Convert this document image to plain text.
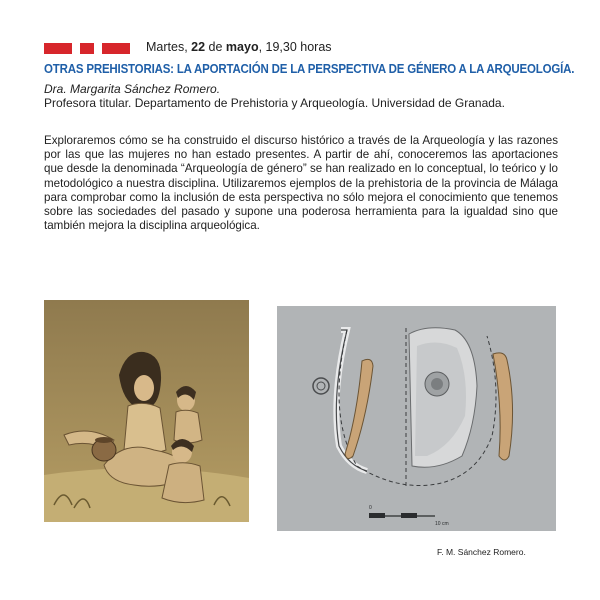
Martes, 22 de mayo, 19,30 horas
OTRAS PREHISTORIAS: LA APORTACIÓN DE LA PERSPECTIVA DE GÉNERO A LA ARQUEOLOGÍA.
Dra. Margarita Sánchez Romero.
Profesora titular. Departamento de Prehistoria y Arqueología. Universidad de Granada.
Exploraremos cómo se ha construido el discurso histórico a través de la Arqueología y las razones por las que las mujeres no han estado presentes. A partir de ahí, conoceremos las aportaciones que desde la denominada “Arqueología de género” se han realizado en lo conceptual, lo teórico y lo metodológico a nuestra disciplina. Utilizaremos ejemplos de la prehistoria de la provincia de Málaga para comprobar como la inclusión de esta perspectiva no sólo mejora el conocimiento que tenemos sobre las sociedades del pasado y supone una poderosa herramienta para la igualdad sino que también mejora la disciplina arqueológica.
0
10 cm
F. M. Sánchez Romero.
